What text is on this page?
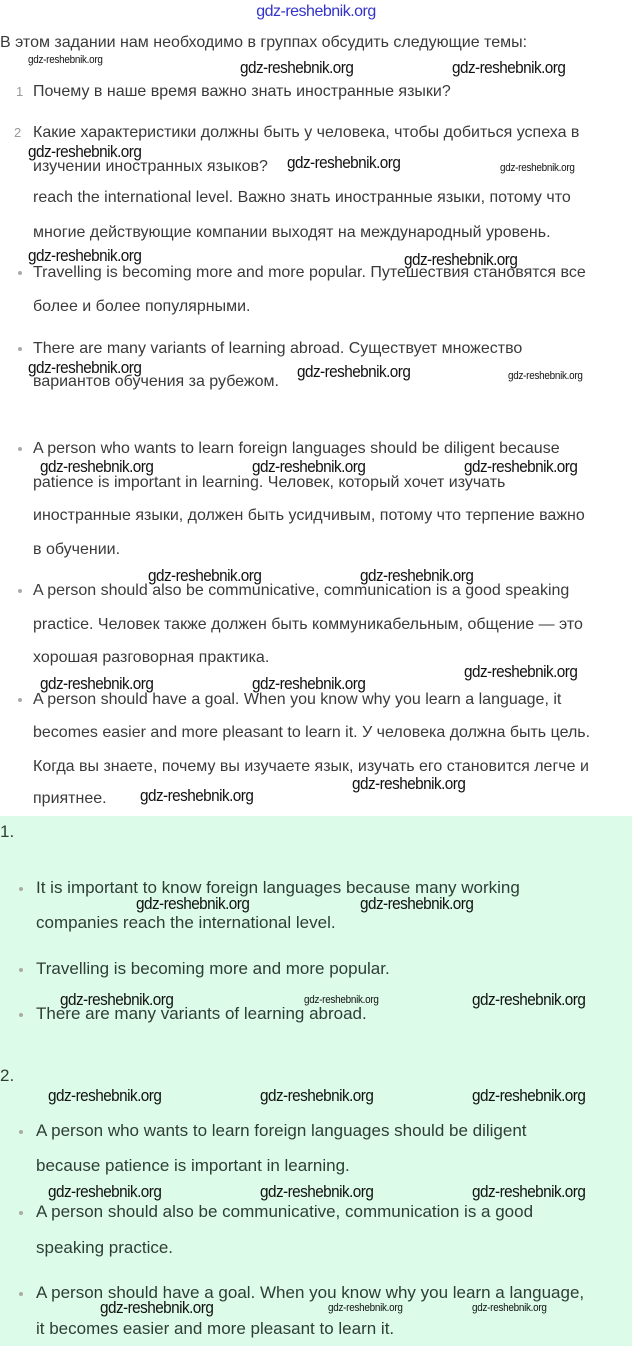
gdz-reshebnik.org
В этом задании нам необходимо в группах обсудить следующие темы:
1 Почему в наше время важно знать иностранные языки?
2 Какие характеристики должны быть у человека, чтобы добиться успеха в
изучении иностранных языков?
reach the international level. Важно знать иностранные языки, потому что
многие действующие компании выходят на международный уровень.
Travelling is becoming more and more popular. Путешествия становятся все
более и более популярными.
There are many variants of learning abroad. Существует множество
вариантов обучения за рубежом.
A person who wants to learn foreign languages should be diligent because
patience is important in learning. Человек, который хочет изучать
иностранные языки, должен быть усидчивым, потому что терпение важно
в обучении.
A person should also be communicative, communication is a good speaking
practice. Человек также должен быть коммуникабельным, общение — это
хорошая разговорная практика.
A person should have a goal. When you know why you learn a language, it
becomes easier and more pleasant to learn it. У человека должна быть цель.
Когда вы знаете, почему вы изучаете язык, изучать его становится легче и
приятнее.
1.
It is important to know foreign languages because many working
companies reach the international level.
Travelling is becoming more and more popular.
There are many variants of learning abroad.
2.
A person who wants to learn foreign languages should be diligent
because patience is important in learning.
A person should also be communicative, communication is a good
speaking practice.
A person should have a goal. When you know why you learn a language,
it becomes easier and more pleasant to learn it.
gdz-reshebnik.org	gdz-reshebnik.org	gdz-reshebnik.org
gdz-reshebnik.org
gdz-reshebnik.org	gdz-reshebnik.org
gdz-reshebnik.org	gdz-reshebnik.org
gdz-reshebnik.org	gdz-reshebnik.org	gdz-reshebnik.org
gdz-reshebnik.org	gdz-reshebnik.org	gdz-reshebnik.org
gdz-reshebnik.org	gdz-reshebnik.org
gdz-reshebnik.org
gdz-reshebnik.org	gdz-reshebnik.org
gdz-reshebnik.org
gdz-reshebnik.org
gdz-reshebnik.org	gdz-reshebnik.org
gdz-reshebnik.org	gdz-reshebnik.org	gdz-reshebnik.org
gdz-reshebnik.org	gdz-reshebnik.org	gdz-reshebnik.org
gdz-reshebnik.org	gdz-reshebnik.org	gdz-reshebnik.org
gdz-reshebnik.org	gdz-reshebnik.org	gdz-reshebnik.org
